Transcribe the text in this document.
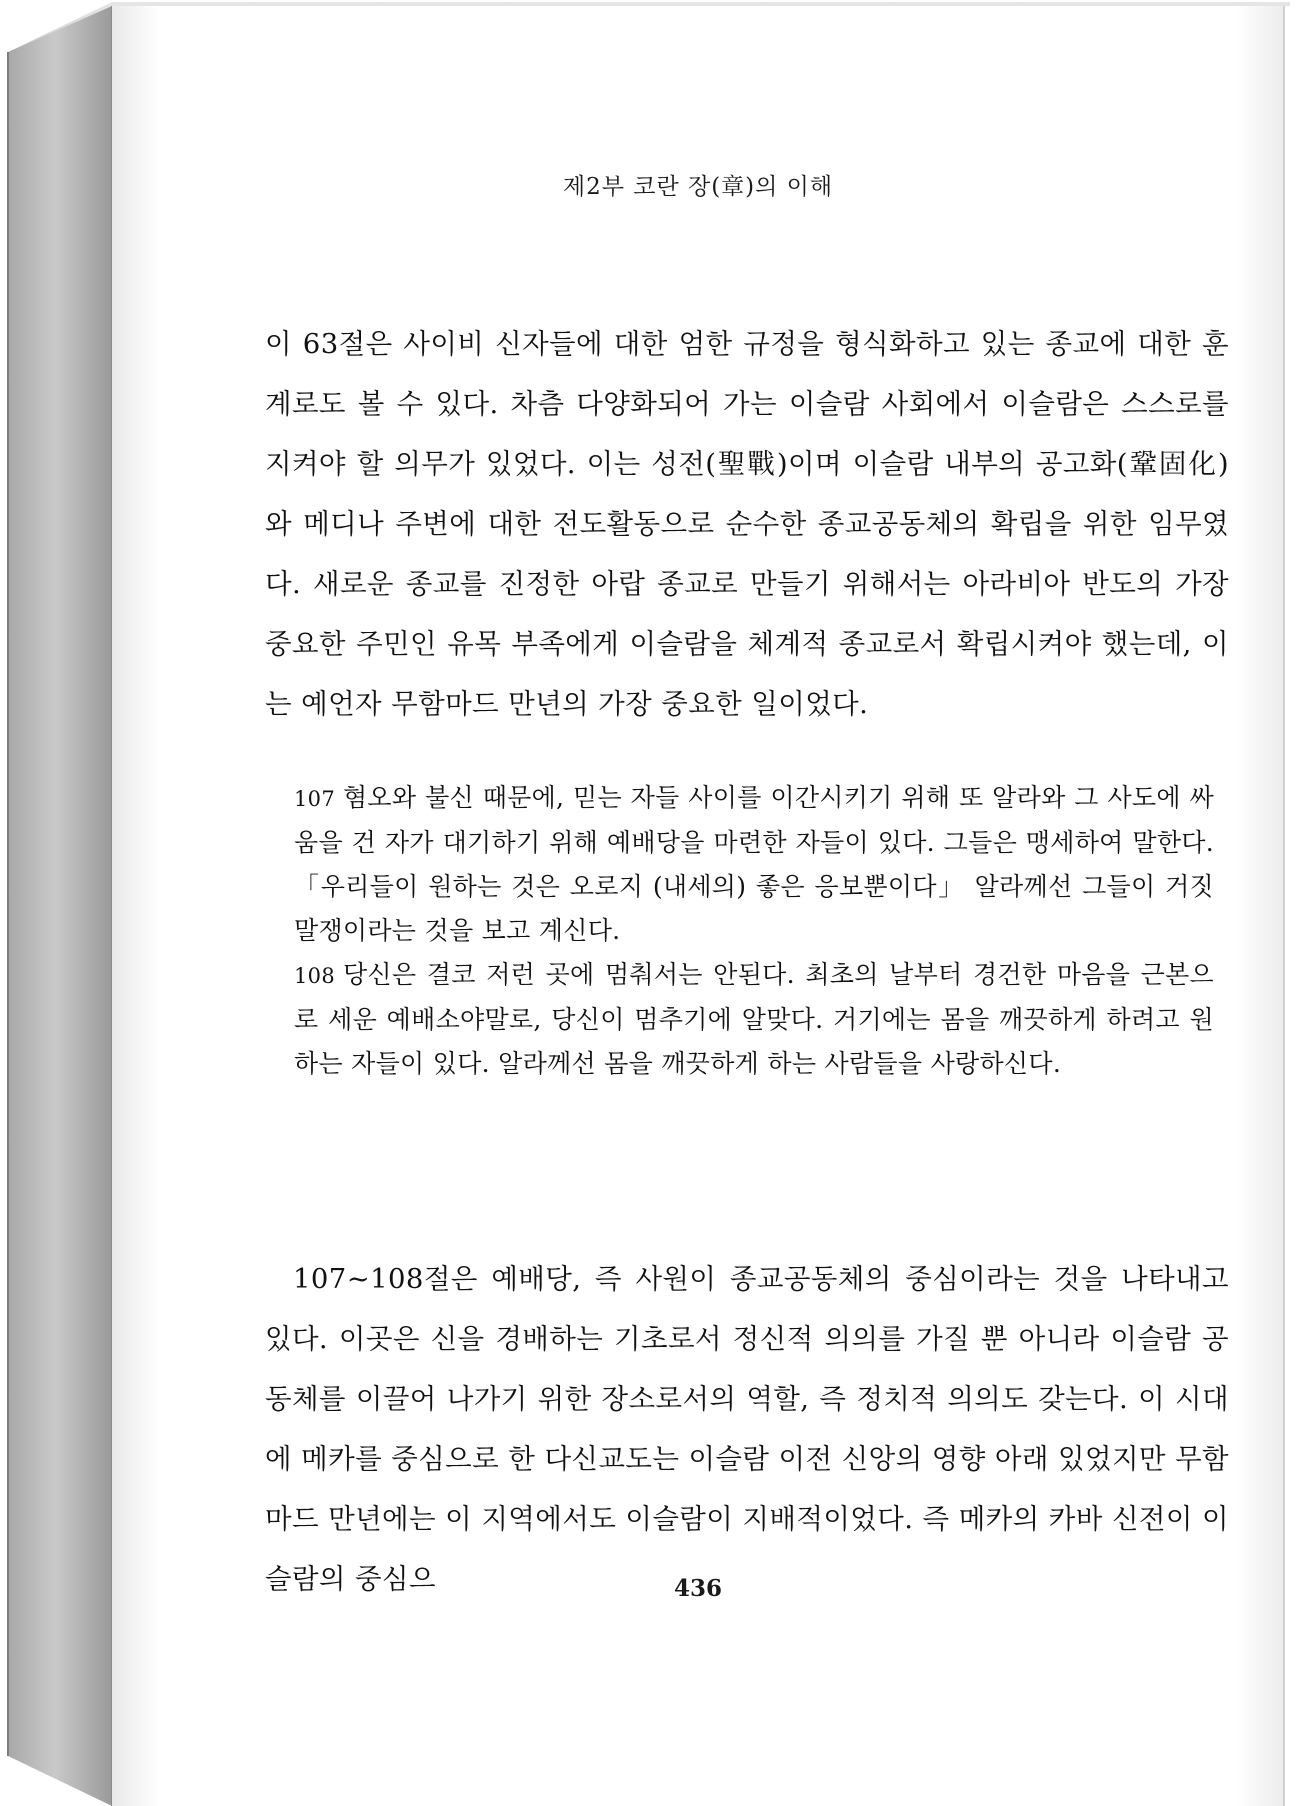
제2부 코란 장(章)의 이해

이 63절은 사이비 신자들에 대한 엄한 규정을 형식화하고 있는 종교에 대한 훈계로도 볼 수 있다. 차츰 다양화되어 가는 이슬람 사회에서 이슬람은 스스로를 지켜야 할 의무가 있었다. 이는 성전(聖戰)이며 이슬람 내부의 공고화(鞏固化)와 메디나 주변에 대한 전도활동으로 순수한 종교공동체의 확립을 위한 임무였다. 새로운 종교를 진정한 아랍 종교로 만들기 위해서는 아라비아 반도의 가장 중요한 주민인 유목 부족에게 이슬람을 체계적 종교로서 확립시켜야 했는데, 이는 예언자 무함마드 만년의 가장 중요한 일이었다.

107 혐오와 불신 때문에, 믿는 자들 사이를 이간시키기 위해 또 알라와 그 사도에 싸움을 건 자가 대기하기 위해 예배당을 마련한 자들이 있다. 그들은 맹세하여 말한다. 「우리들이 원하는 것은 오로지 (내세의) 좋은 응보뿐이다」 알라께선 그들이 거짓말쟁이라는 것을 보고 계신다.

108 당신은 결코 저런 곳에 멈춰서는 안된다. 최초의 날부터 경건한 마음을 근본으로 세운 예배소야말로, 당신이 멈추기에 알맞다. 거기에는 몸을 깨끗하게 하려고 원하는 자들이 있다. 알라께선 몸을 깨끗하게 하는 사람들을 사랑하신다.

107~108절은 예배당, 즉 사원이 종교공동체의 중심이라는 것을 나타내고 있다. 이곳은 신을 경배하는 기초로서 정신적 의의를 가질 뿐 아니라 이슬람 공동체를 이끌어 나가기 위한 장소로서의 역할, 즉 정치적 의의도 갖는다. 이 시대에 메카를 중심으로 한 다신교도는 이슬람 이전 신앙의 영향 아래 있었지만 무함마드 만년에는 이 지역에서도 이슬람이 지배적이었다. 즉 메카의 카바 신전이 이슬람의 중심으	436
